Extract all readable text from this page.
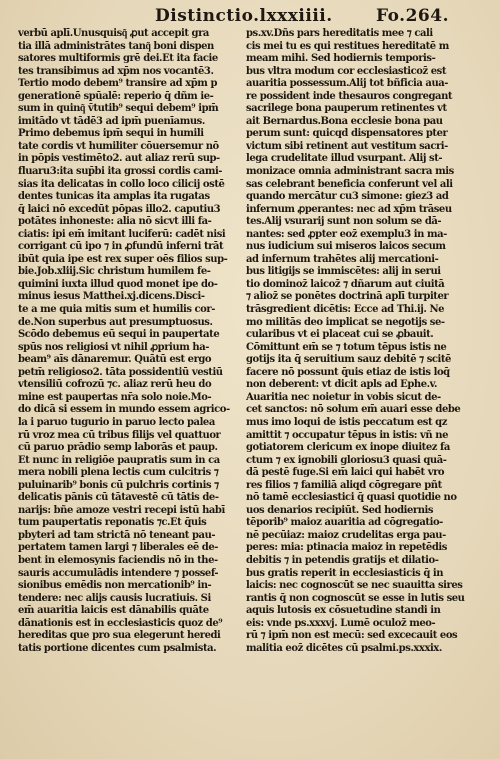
Distinctio.lxxxiiii.	Fo.264.
verbū aplī.Unusquisq͂ ꝓut accepit gra
tia illā administrātes tanq͂ boni dispen
satores multiformis grē dei.Et ita facie
tes transibimus ad xp̄m nos vocantē3.
Tertio modo debem⁹ transire ad xp̄m p
generationē spūalē: reperio q̄ dñm ie-
sum in quinq͂ v̄tutib⁹ sequi debem⁹ ipm̄
imitādo vt tādē3 ad ipm̄ puenīamus.
Primo debemus ipm̄ sequi in humili
tate cordis vt humiliter cōuersemur nō
in pōpis vestimēto2. aut aliaz rerū sup-
fluaru3:ita sup̄bi ita grossi cordis cami-
sias ita delicatas in collo loco cilicij ostē
dentes tunicas ita amplas ita rugatas
q̄ laici nō excedūt pōpas illo2. caputiu3
potātes inhoneste: alia nō sicvt illi fa-
ciatis: ipi em̄ imitant luciferū: cadēt nisi
corrigant cū ipo ⁊ in ꝓfundū inferni trāt
ibūt quia ipe est rex super oēs filios sup-
bie.Job.xliij.Sic christum humilem fe-
quimini iuxta illud quod monet ipe do-
minus iesus Matthei.xj.dicens.Disci-
te a me quia mitis sum et humilis cor-
de.Non superbus aut presumptuosus.
Scōdo debemus eū sequi in paupertate
spūs nos religiosi vt nihil ꝓprium ha-
beam⁹ aīs dānaremur. Quātū est ergo
petm̄ religioso2. tāta possidentiū vestiū
vtensiliū cofrozū ⁊c. aliaz rerū heu do
mine est paupertas nr̄a solo noie.Mo-
do dicā si essem in mundo essem agrico-
la i paruo tugurio in paruo lecto palea
rū vroz mea cū tribus filijs vel quattuor
cū paruo prādio semp laborās et paup.
Et nunc in religiōe paupratis sum in ca
mera nobili plena lectis cum culcitris ⁊
puluinarib⁹ bonis cū pulchris cortinis ⁊
delicatis pānis cū tātavestē cū tātis de-
narijs: bñe amoze vestri recepi istū habī
tum paupertatis reponatis ⁊c.Et q̄uis
pbyteri ad tam strictā nō teneant pau-
pertatem tamen largi ⁊ liberales eē de-
bent in elemosynis faciendis nō in the-
sauris accumulādis intendere ⁊ possef-
sionibus emēdis non mercationib⁹ in-
tendere: nec alijs causis lucratiuis. Si
em̄ auaritia laicis est dānabilis quāte
dānationis est in ecclesiasticis quoz de⁹
hereditas que pro sua elegerunt heredi
tatis portione dicentes cum psalmista.
ps.xv.Dñs pars hereditatis mee ⁊ cali
cis mei tu es qui restitues hereditatē m
meam mihi. Sed hodiernis temporis-
bus vltra modum cor ecclesiasticoz̄ est
auaritia possessum.Alij tot bñficia aua-
re possident inde thesauros congregant
sacrilege bona pauperum retinentes vt
ait Bernardus.Bona ecclesie bona pau
perum sunt: quicqd dispensatores pter
victum sibi retinent aut vestitum sacri-
lega crudelitate illud vsurpant. Alij st-
monizace omnia administrant sacra mis
sas celebrant beneficia conferunt vel ali
quando mercātur cu3 simone: giez3 ad
infernum ꝓperantes: nec ad xp̄m trāseu
tes.Alij vsurarij sunt non solum se dā-
nantes: sed ꝓpter eoz̄ exemplu3 in ma-
nus iudicium sui miseros laicos secum
ad infernum trahētes alij mercationi-
bus litigijs se immiscētes: alij in serui
tio dominoz̄ laicoz̄ ⁊ dñarum aut ciuitā
⁊ alioz̄ se ponētes doctrinā aplī turpiter
trāsgredient̄ dicētis: Ecce ad Thi.ij. Ne
mo militās deo implicat se negotijs se-
cularibus vt ei placeat cui se ꝓbauit.
Cōmittunt em̄ se ⁊ totum tēpus istis ne
gotijs ita q̄ seruitium sauz debitē ⁊ scitē
facere nō possunt q̄uis etiaz de istis loq̄
non deberent: vt dicit apls ad Ephe.v.
Auaritia nec noietur in vobis sicut de-
cet sanctos: nō solum em̄ auari esse debe
mus imo loqui de istis peccatum est qz
amittit ⁊ occupatur tēpus in istis: vñ ne
gotiatorem clericum ex inope diuitez fa
ctum ⁊ ex ignobili gloriosu3 quasi quā-
dā pestē fuge.Si em̄ laici qui habēt vro
res filios ⁊ familiā aliqd cōgregare pñt
nō tamē ecclesiastici q̄ quasi quotidie no
uos denarios recipiūt. Sed hodiernis
tēporib⁹ maioz auaritia ad cōgregatio-
nē pecūiaz: maioz crudelitas erga pau-
peres: mia: ptinacia maioz in repetēdis
debitis ⁊ in petendis gratijs et dilatio-
bus gratis reperit in ecclesiasticis q̄ in
laicis: nec cognoscūt se nec suauitta sires
rantis q̄ non cognoscūt se esse in lutis seu
aquis lutosis ex cōsuetudine standi in
eis: vnde ps.xxxvj. Lumē oculoz̄ meo-
rū ⁊ ipm̄ non est mecū: sed excecauit eos
malitia eoz̄ dicētes cū psalmi.ps.xxxix.
